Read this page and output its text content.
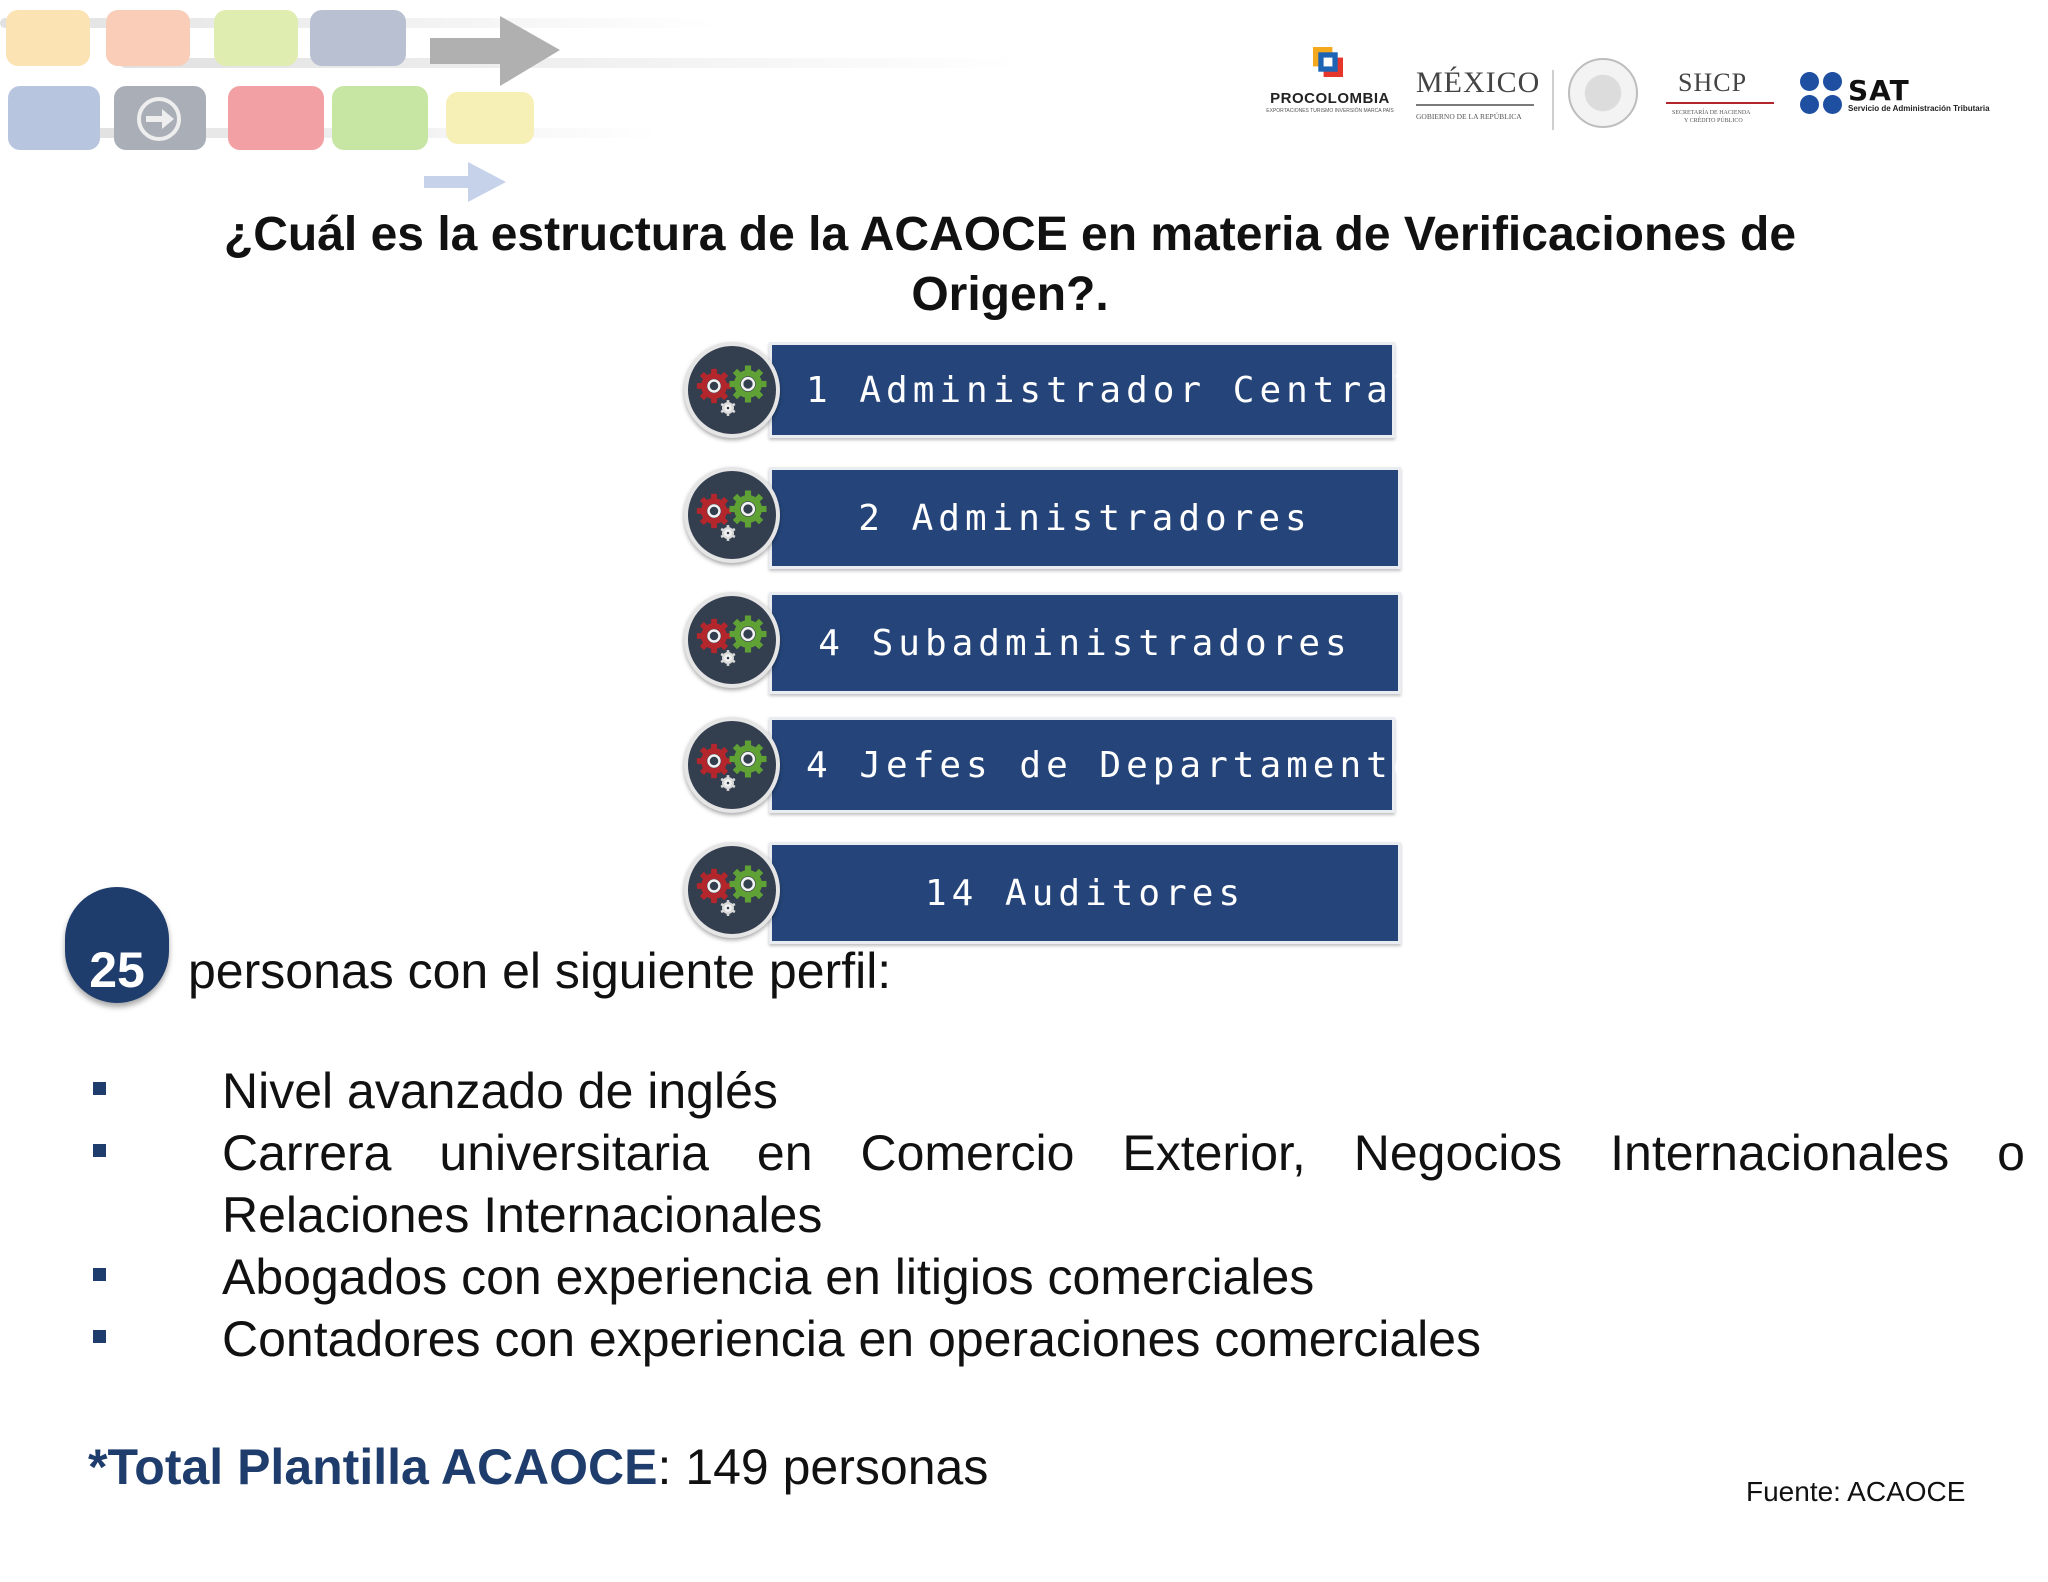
PROCOLOMBIA
EXPORTACIONES TURISMO INVERSIÓN MARCA PAÍS
MÉXICO
GOBIERNO DE LA REPÚBLICA
SHCP
SECRETARÍA DE HACIENDA
Y CRÉDITO PÚBLICO
SAT
Servicio de Administración Tributaria
¿Cuál es la estructura de la ACAOCE en materia de Verificaciones de Origen?.
1 Administrador Central
2 Administradores
4 Subadministradores
4 Jefes de Departamento
14 Auditores
25 personas con el siguiente perfil:
Nivel avanzado de inglés
Carrera universitaria en Comercio Exterior, Negocios Internacionales o Relaciones Internacionales
Abogados con experiencia en litigios comerciales
Contadores con experiencia en operaciones comerciales
*Total Plantilla ACAOCE: 149 personas	Fuente: ACAOCE
